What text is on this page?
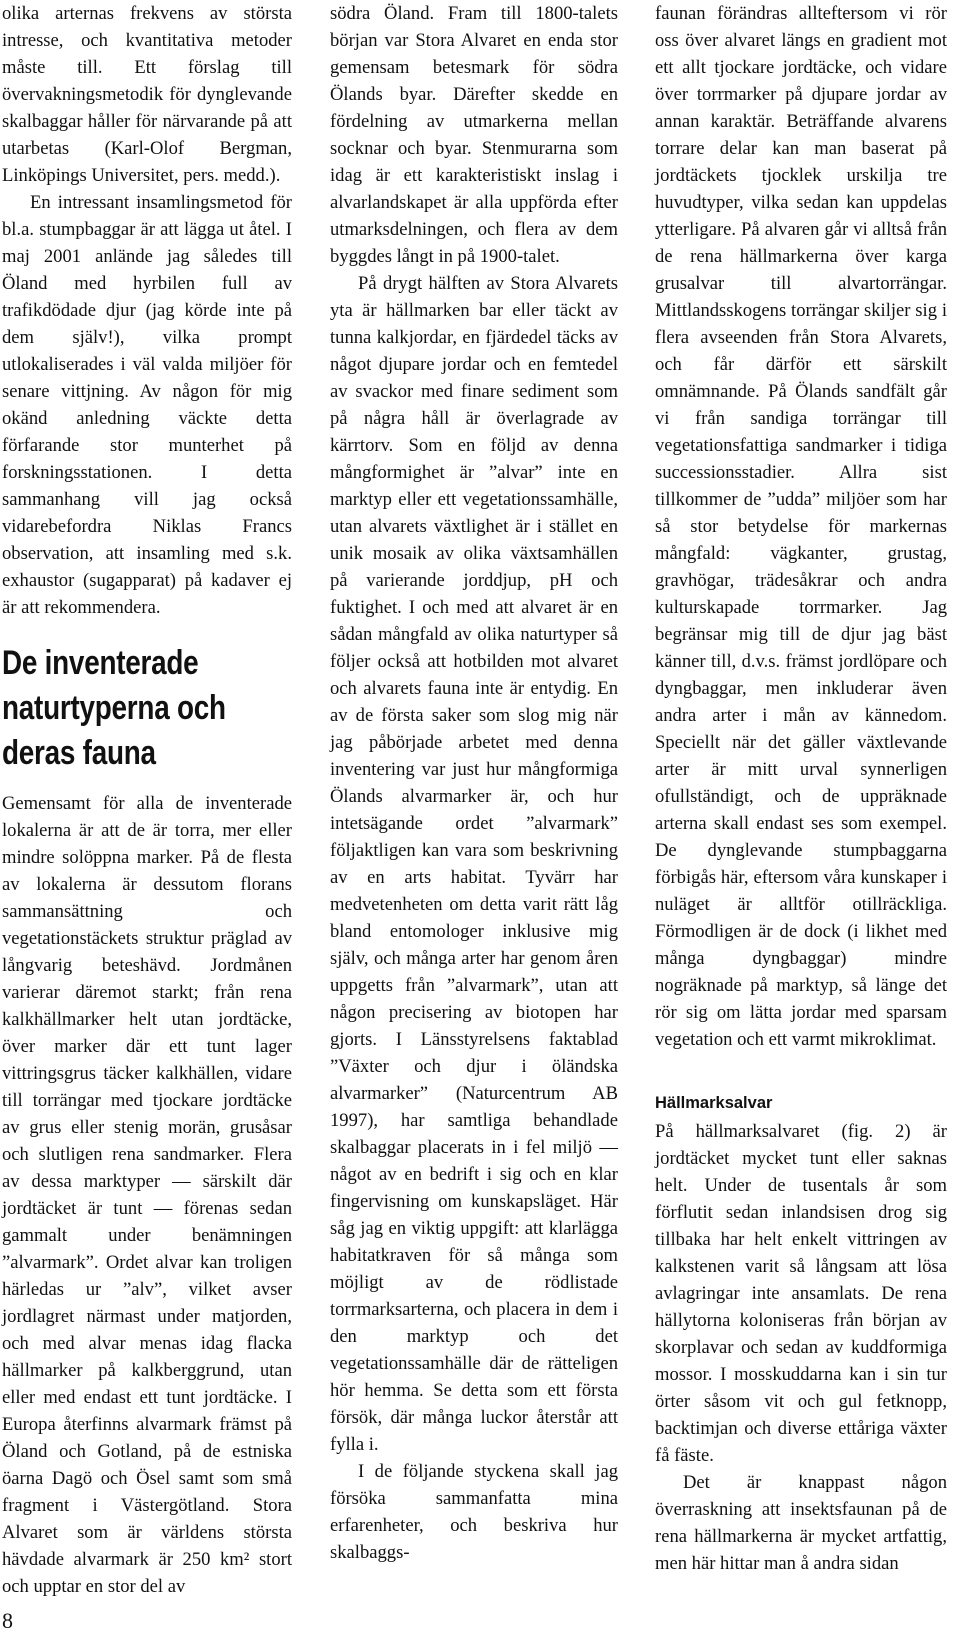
olika arternas frekvens av största intresse, och kvantitativa metoder måste till. Ett förslag till övervakningsmetodik för dynglevande skalbaggar håller för närvarande på att utarbetas (Karl-Olof Bergman, Linköpings Universitet, pers. medd.).

En intressant insamlingsmetod för bl.a. stumpbaggar är att lägga ut åtel. I maj 2001 anlände jag således till Öland med hyrbilen full av trafikdödade djur (jag körde inte på dem själv!), vilka prompt utlokaliserades i väl valda miljöer för senare vittjning. Av någon för mig okänd anledning väckte detta förfarande stor munterhet på forskningsstationen. I detta sammanhang vill jag också vidarebefordra Niklas Francs observation, att insamling med s.k. exhaustor (sugapparat) på kadaver ej är att rekommendera.

De inventerade naturtyperna och deras fauna

Gemensamt för alla de inventerade lokalerna är att de är torra, mer eller mindre solöppna marker. På de flesta av lokalerna är dessutom florans sammansättning och vegetationstäckets struktur präglad av långvarig beteshävd. Jordmånen varierar däremot starkt; från rena kalkhällmarker helt utan jordtäcke, över marker där ett tunt lager vittringsgrus täcker kalkhällen, vidare till torrängar med tjockare jordtäcke av grus eller stenig morän, grusåsar och slutligen rena sandmarker. Flera av dessa marktyper — särskilt där jordtäcket är tunt — förenas sedan gammalt under benämningen ”alvarmark”. Ordet alvar kan troligen härledas ur ”alv”, vilket avser jordlagret närmast under matjorden, och med alvar menas idag flacka hällmarker på kalkberggrund, utan eller med endast ett tunt jordtäcke. I Europa återfinns alvarmark främst på Öland och Gotland, på de estniska öarna Dagö och Ösel samt som små fragment i Västergötland. Stora Alvaret som är världens största hävdade alvarmark är 250 km² stort och upptar en stor del av

södra Öland. Fram till 1800-talets början var Stora Alvaret en enda stor gemensam betesmark för södra Ölands byar. Därefter skedde en fördelning av utmarkerna mellan socknar och byar. Stenmurarna som idag är ett karakteristiskt inslag i alvarlandskapet är alla uppförda efter utmarksdelningen, och flera av dem byggdes långt in på 1900-talet.

På drygt hälften av Stora Alvarets yta är hällmarken bar eller täckt av tunna kalkjordar, en fjärdedel täcks av något djupare jordar och en femtedel av svackor med finare sediment som på några håll är överlagrade av kärrtorv. Som en följd av denna mångformighet är ”alvar” inte en marktyp eller ett vegetationssamhälle, utan alvarets växtlighet är i stället en unik mosaik av olika växtsamhällen på varierande jorddjup, pH och fuktighet. I och med att alvaret är en sådan mångfald av olika naturtyper så följer också att hotbilden mot alvaret och alvarets fauna inte är entydig. En av de första saker som slog mig när jag påbörjade arbetet med denna inventering var just hur mångformiga Ölands alvarmarker är, och hur intetsägande ordet ”alvarmark” följaktligen kan vara som beskrivning av en arts habitat. Tyvärr har medvetenheten om detta varit rätt låg bland entomologer inklusive mig själv, och många arter har genom åren uppgetts från ”alvarmark”, utan att någon precisering av biotopen har gjorts. I Länsstyrelsens faktablad ”Växter och djur i öländska alvarmarker” (Naturcentrum AB 1997), har samtliga behandlade skalbaggar placerats in i fel miljö — något av en bedrift i sig och en klar fingervisning om kunskapsläget. Här såg jag en viktig uppgift: att klarlägga habitatkraven för så många som möjligt av de rödlistade torrmarksarterna, och placera in dem i den marktyp och det vegetationssamhälle där de rätteligen hör hemma. Se detta som ett första försök, där många luckor återstår att fylla i.

I de följande styckena skall jag försöka sammanfatta mina erfarenheter, och beskriva hur skalbaggs-

faunan förändras allteftersom vi rör oss över alvaret längs en gradient mot ett allt tjockare jordtäcke, och vidare över torrmarker på djupare jordar av annan karaktär. Beträffande alvarens torrare delar kan man baserat på jordtäckets tjocklek urskilja tre huvudtyper, vilka sedan kan uppdelas ytterligare. På alvaren går vi alltså från de rena hällmarkerna över karga grusalvar till alvartorrängar. Mittlandsskogens torrängar skiljer sig i flera avseenden från Stora Alvarets, och får därför ett särskilt omnämnande. På Ölands sandfält går vi från sandiga torrängar till vegetationsfattiga sandmarker i tidiga successionsstadier. Allra sist tillkommer de ”udda” miljöer som har så stor betydelse för markernas mångfald: vägkanter, grustag, gravhögar, trädesåkrar och andra kulturskapade torrmarker. Jag begränsar mig till de djur jag bäst känner till, d.v.s. främst jordlöpare och dyngbaggar, men inkluderar även andra arter i mån av kännedom. Speciellt när det gäller växtlevande arter är mitt urval synnerligen ofullständigt, och de uppräknade arterna skall endast ses som exempel. De dynglevande stumpbaggarna förbigås här, eftersom våra kunskaper i nuläget är alltför otillräckliga. Förmodligen är de dock (i likhet med många dyngbaggar) mindre nogräknade på marktyp, så länge det rör sig om lätta jordar med sparsam vegetation och ett varmt mikroklimat.

Hällmarksalvar

På hällmarksalvaret (fig. 2) är jordtäcket mycket tunt eller saknas helt. Under de tusentals år som förflutit sedan inlandsisen drog sig tillbaka har helt enkelt vittringen av kalkstenen varit så långsam att lösa avlagringar inte ansamlats. De rena hällytorna koloniseras från början av skorplavar och sedan av kuddformiga mossor. I mosskuddarna kan i sin tur örter såsom vit och gul fetknopp, backtimjan och diverse ettåriga växter få fäste.

Det är knappast någon överraskning att insektsfaunan på de rena hällmarkerna är mycket artfattig, men här hittar man å andra sidan

8
